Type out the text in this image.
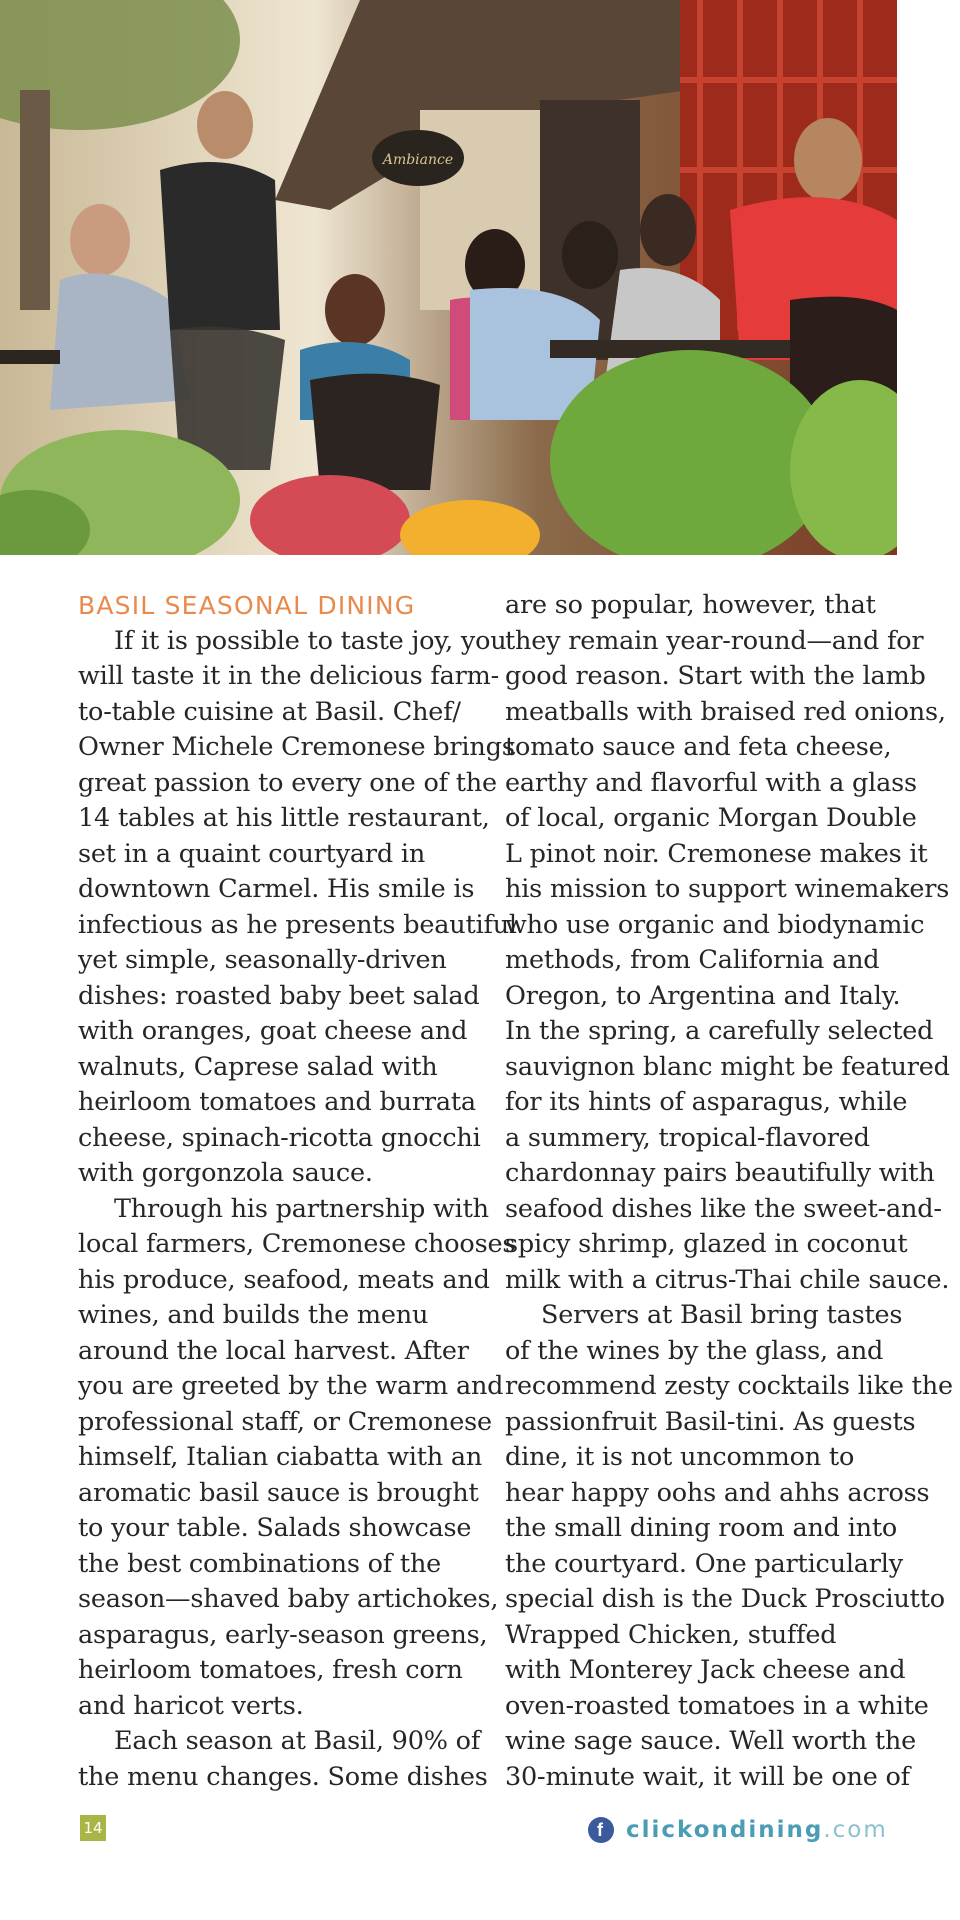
Ambiance
BASIL SEASONAL DINING
If it is possible to taste joy, you
will taste it in the delicious farm-
to-table cuisine at Basil. Chef/
Owner Michele Cremonese brings
great passion to every one of the
14 tables at his little restaurant,
set in a quaint courtyard in
downtown Carmel. His smile is
infectious as he presents beautiful
yet simple, seasonally-driven
dishes: roasted baby beet salad
with oranges, goat cheese and
walnuts, Caprese salad with
heirloom tomatoes and burrata
cheese, spinach-ricotta gnocchi
with gorgonzola sauce.
Through his partnership with
local farmers, Cremonese chooses
his produce, seafood, meats and
wines, and builds the menu
around the local harvest. After
you are greeted by the warm and
professional staff, or Cremonese
himself, Italian ciabatta with an
aromatic basil sauce is brought
to your table. Salads showcase
the best combinations of the
season—shaved baby artichokes,
asparagus, early-season greens,
heirloom tomatoes, fresh corn
and haricot verts.
Each season at Basil, 90% of
the menu changes. Some dishes
are so popular, however, that
they remain year-round—and for
good reason. Start with the lamb
meatballs with braised red onions,
tomato sauce and feta cheese,
earthy and flavorful with a glass
of local, organic Morgan Double
L pinot noir. Cremonese makes it
his mission to support winemakers
who use organic and biodynamic
methods, from California and
Oregon, to Argentina and Italy.
In the spring, a carefully selected
sauvignon blanc might be featured
for its hints of asparagus, while
a summery, tropical-flavored
chardonnay pairs beautifully with
seafood dishes like the sweet-and-
spicy shrimp, glazed in coconut
milk with a citrus-Thai chile sauce.
Servers at Basil bring tastes
of the wines by the glass, and
recommend zesty cocktails like the
passionfruit Basil-tini. As guests
dine, it is not uncommon to
hear happy oohs and ahhs across
the small dining room and into
the courtyard. One particularly
special dish is the Duck Prosciutto
Wrapped Chicken, stuffed
with Monterey Jack cheese and
oven-roasted tomatoes in a white
wine sage sauce. Well worth the
30-minute wait, it will be one of
14	f clickondining .com
